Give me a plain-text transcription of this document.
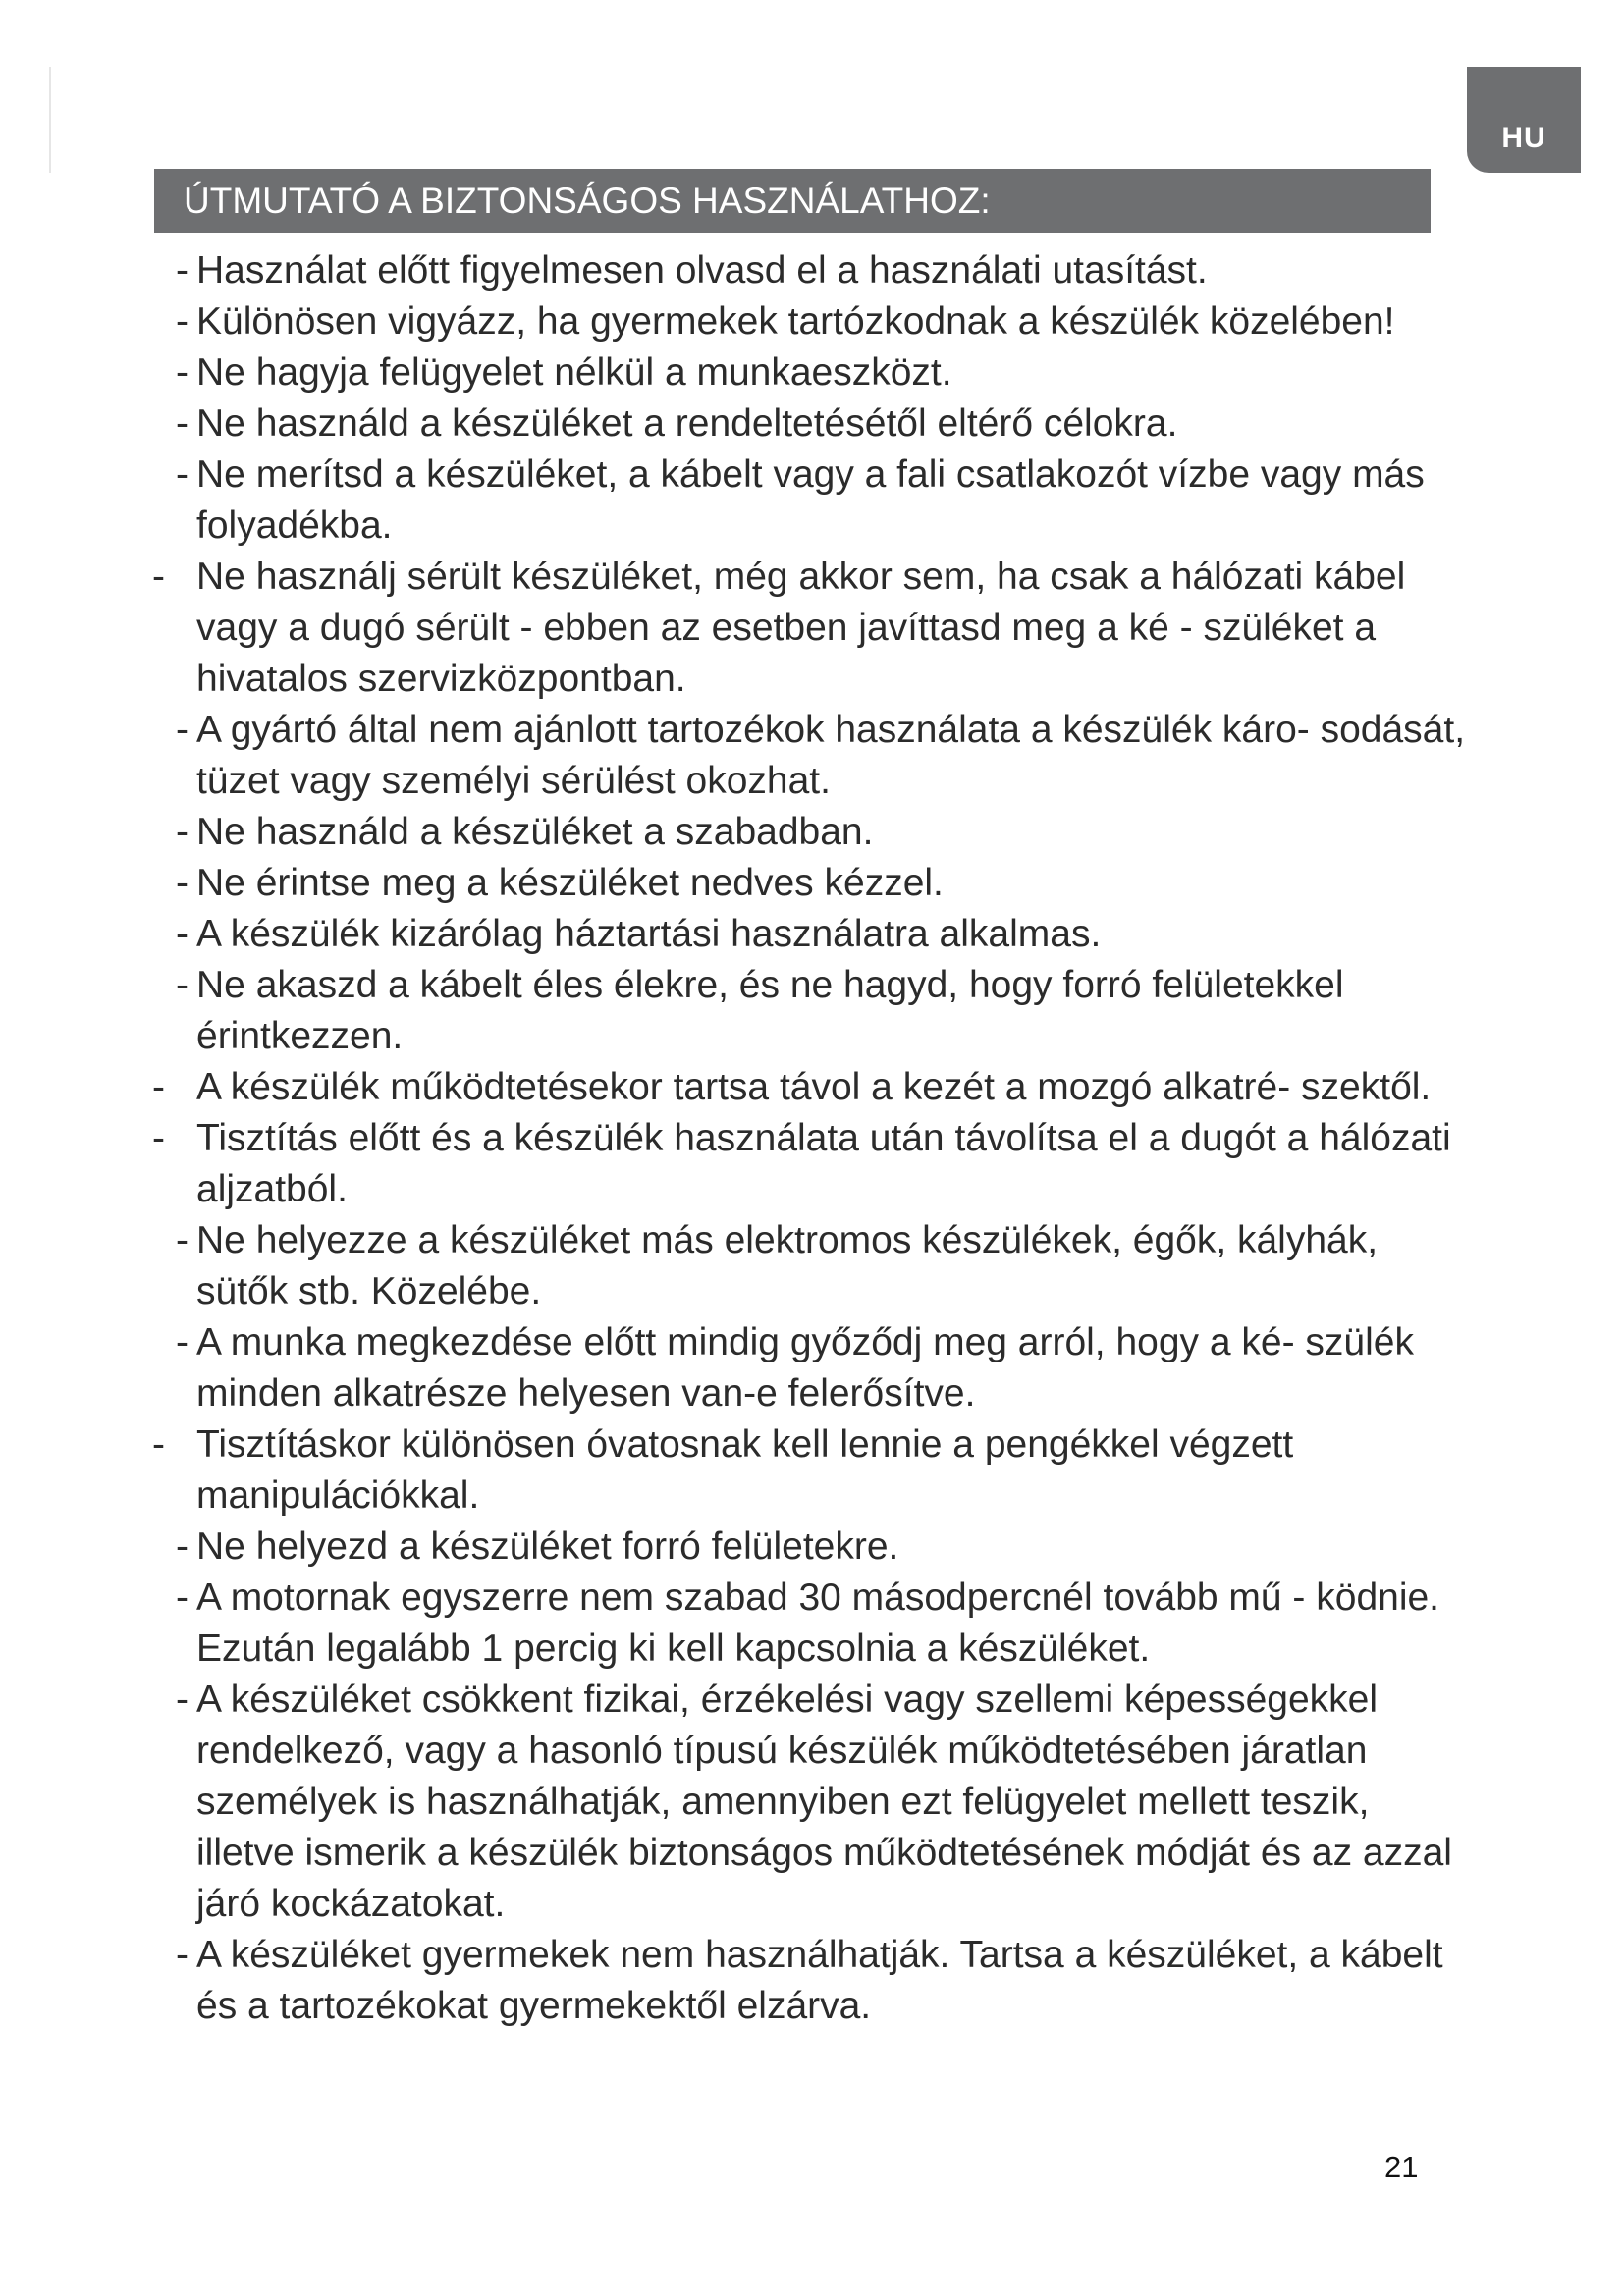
HU
ÚTMUTATÓ A BIZTONSÁGOS HASZNÁLATHOZ:
- Használat előtt figyelmesen olvasd el a használati utasítást.
- Különösen vigyázz, ha gyermekek tartózkodnak a készülék közelében!
- Ne hagyja felügyelet nélkül a munkaeszközt.
- Ne használd a készüléket a rendeltetésétől eltérő célokra.
- Ne merítsd a készüléket, a kábelt vagy a fali csatlakozót vízbe vagy más folyadékba.
- Ne használj sérült készüléket, még akkor sem, ha csak a hálózati kábel vagy a dugó sérült - ebben az esetben javíttasd meg a ké - szüléket a hivatalos szervizközpontban.
- A gyártó által nem ajánlott tartozékok használata a készülék káro- sodását, tüzet vagy személyi sérülést okozhat.
- Ne használd a készüléket a szabadban.
- Ne érintse meg a készüléket nedves kézzel.
- A készülék kizárólag háztartási használatra alkalmas.
- Ne akaszd a kábelt éles élekre, és ne hagyd, hogy forró felületekkel érintkezzen.
- A készülék működtetésekor tartsa távol a kezét a mozgó alkatré- szektől.
- Tisztítás előtt és a készülék használata után távolítsa el a dugót a hálózati aljzatból.
- Ne helyezze a készüléket más elektromos készülékek, égők, kályhák, sütők stb. Közelébe.
- A munka megkezdése előtt mindig győződj meg arról, hogy a ké- szülék minden alkatrésze helyesen van-e felerősítve.
- Tisztításkor különösen óvatosnak kell lennie a pengékkel végzett manipulációkkal.
- Ne helyezd a készüléket forró felületekre.
- A motornak egyszerre nem szabad 30 másodpercnél tovább mű - ködnie. Ezután legalább 1 percig ki kell kapcsolnia a készüléket.
- A készüléket csökkent fizikai, érzékelési vagy szellemi képességekkel rendelkező, vagy a hasonló típusú készülék működtetésében járatlan személyek is használhatják, amennyiben ezt felügyelet mellett teszik, illetve ismerik a készülék biztonságos működtetésének módját és az azzal járó kockázatokat.
- A készüléket gyermekek nem használhatják. Tartsa a készüléket, a kábelt és a tartozékokat gyermekektől elzárva.
21
